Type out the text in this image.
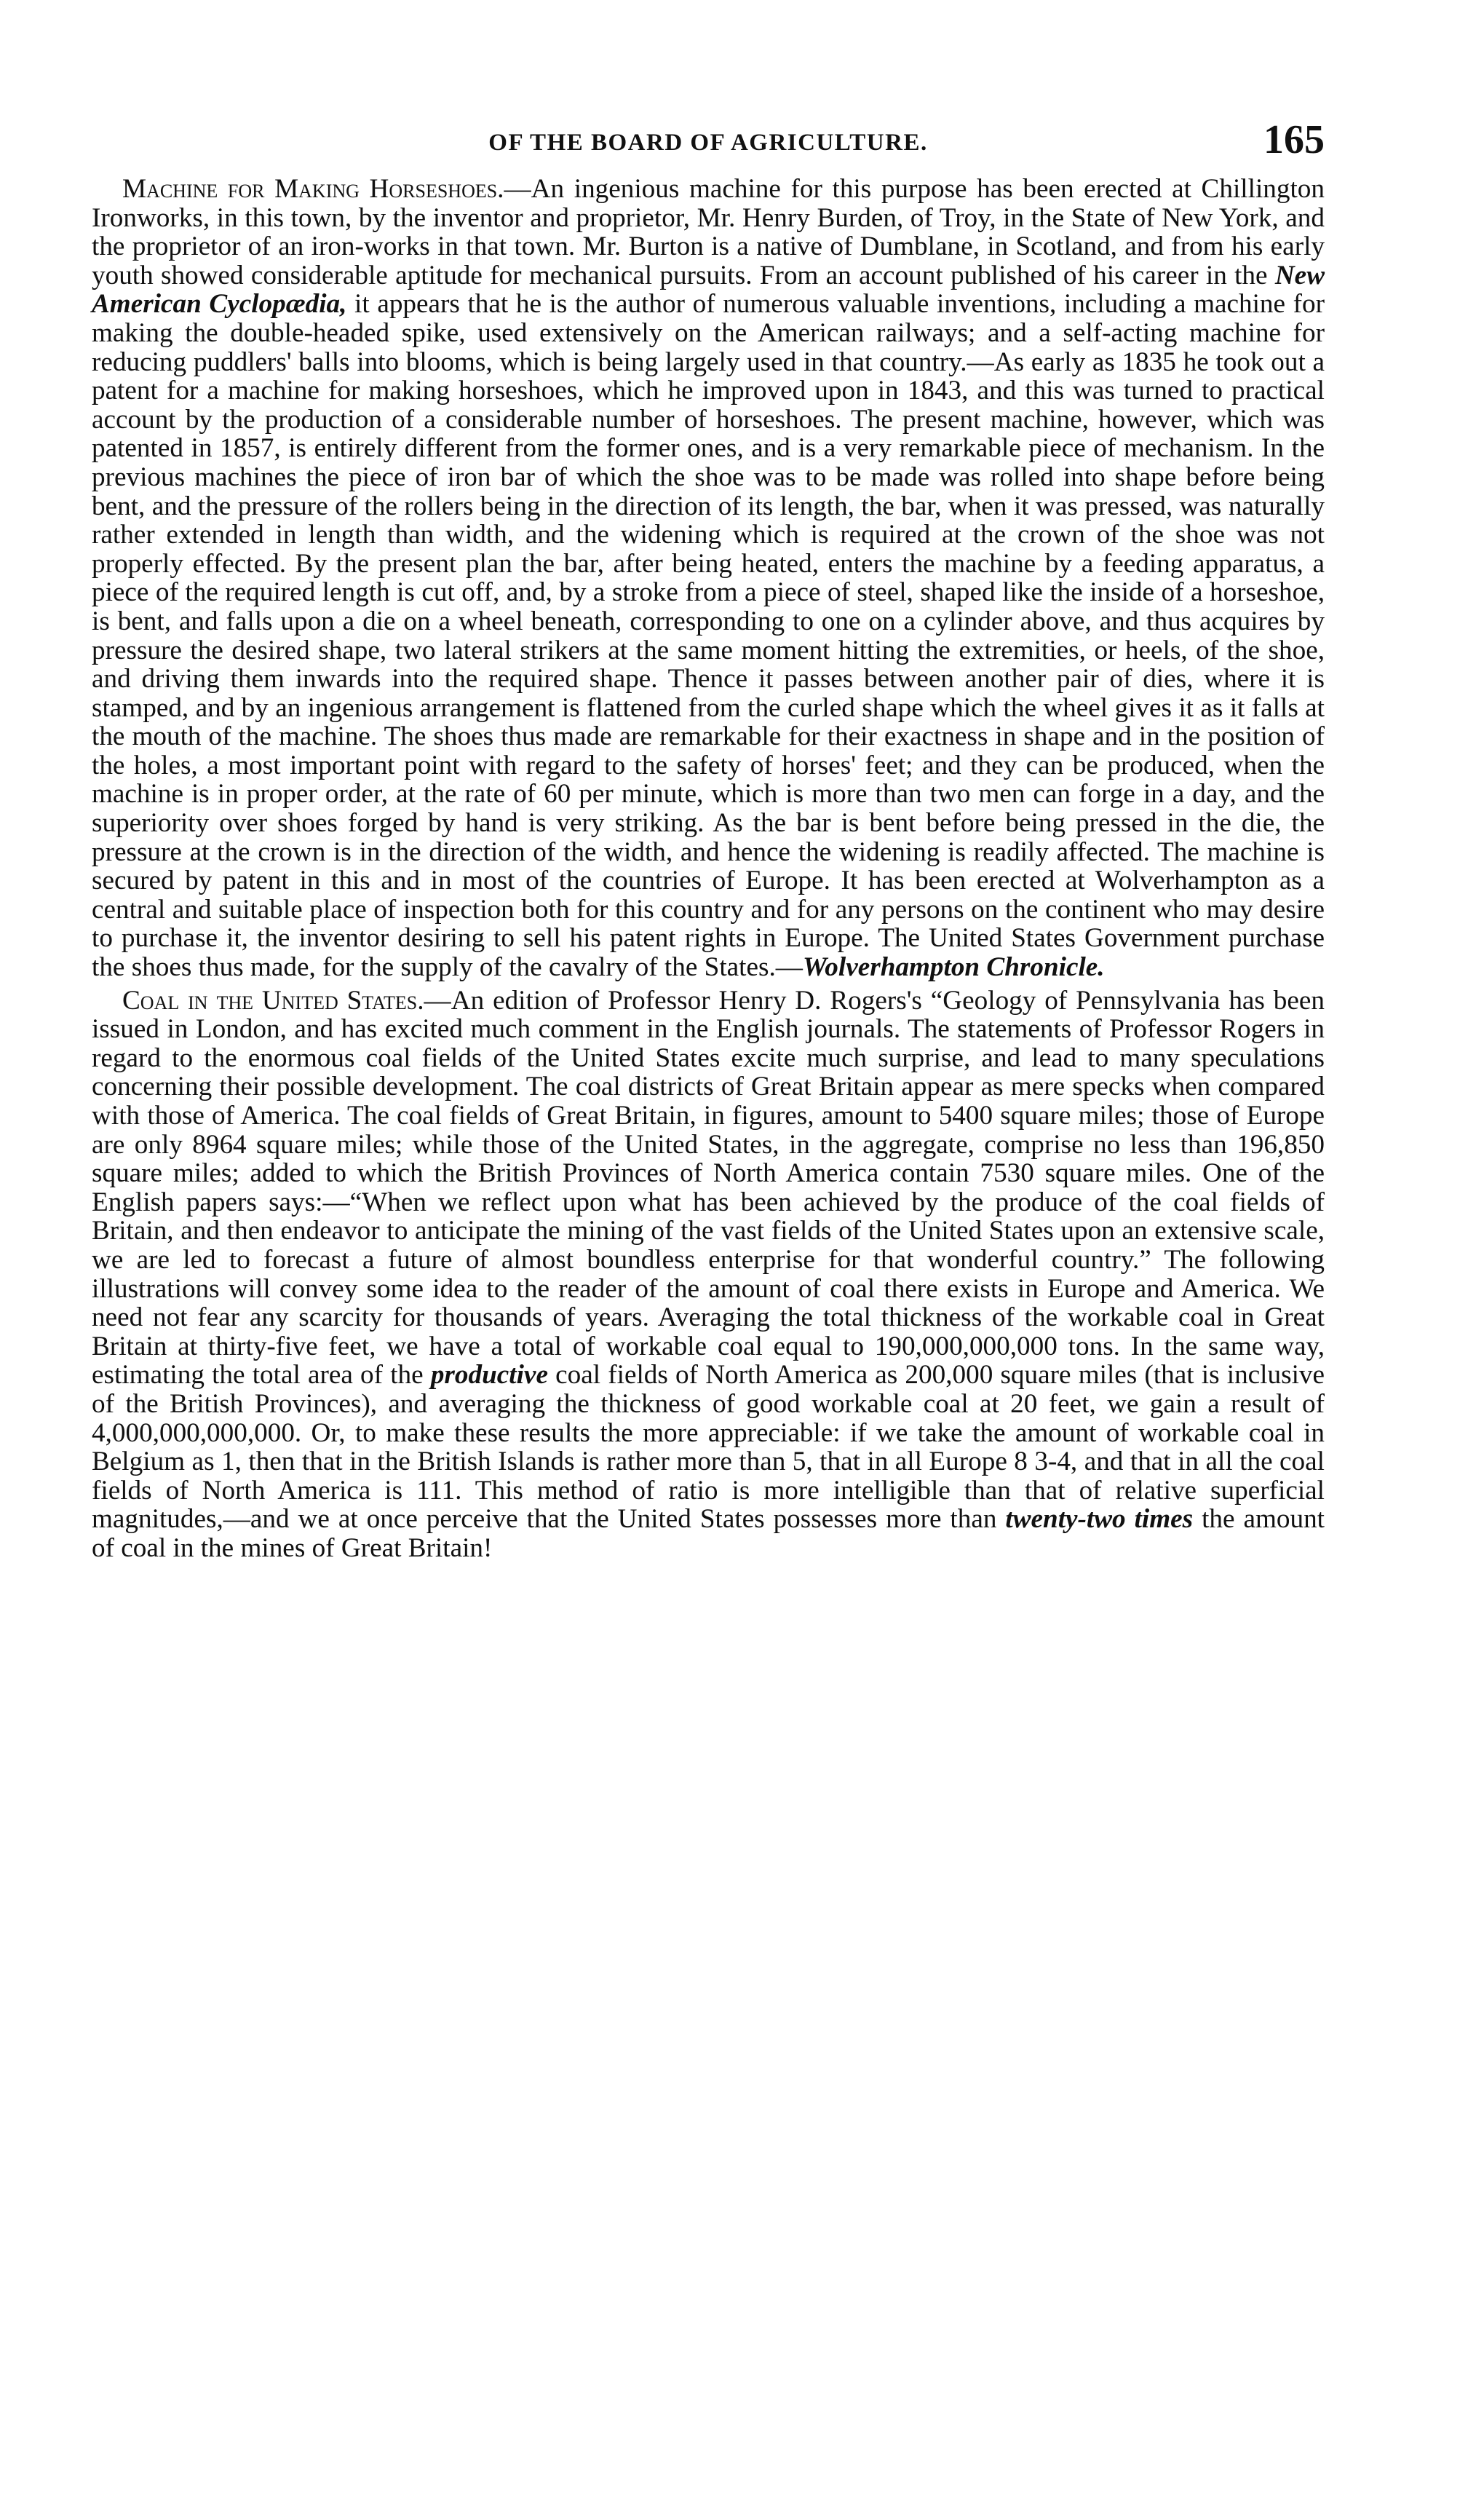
OF THE BOARD OF AGRICULTURE.	165

Machine for Making Horseshoes.—An ingenious machine for this purpose has been erected at Chillington Ironworks, in this town, by the inventor and proprietor, Mr. Henry Burden, of Troy, in the State of New York, and the proprietor of an iron-works in that town. Mr. Burton is a native of Dumblane, in Scotland, and from his early youth showed considerable aptitude for mechanical pursuits. From an account published of his career in the New American Cyclopædia, it appears that he is the author of numerous valuable inventions, including a machine for making the double-headed spike, used extensively on the American railways; and a self-acting machine for reducing puddlers' balls into blooms, which is being largely used in that country.—As early as 1835 he took out a patent for a machine for making horseshoes, which he improved upon in 1843, and this was turned to practical account by the production of a considerable number of horseshoes. The present machine, however, which was patented in 1857, is entirely different from the former ones, and is a very remarkable piece of mechanism. In the previous machines the piece of iron bar of which the shoe was to be made was rolled into shape before being bent, and the pressure of the rollers being in the direction of its length, the bar, when it was pressed, was naturally rather extended in length than width, and the widening which is required at the crown of the shoe was not properly effected. By the present plan the bar, after being heated, enters the machine by a feeding apparatus, a piece of the required length is cut off, and, by a stroke from a piece of steel, shaped like the inside of a horseshoe, is bent, and falls upon a die on a wheel beneath, corresponding to one on a cylinder above, and thus acquires by pressure the desired shape, two lateral strikers at the same moment hitting the extremities, or heels, of the shoe, and driving them inwards into the required shape. Thence it passes between another pair of dies, where it is stamped, and by an ingenious arrangement is flattened from the curled shape which the wheel gives it as it falls at the mouth of the machine. The shoes thus made are remarkable for their exactness in shape and in the position of the holes, a most important point with regard to the safety of horses' feet; and they can be produced, when the machine is in proper order, at the rate of 60 per minute, which is more than two men can forge in a day, and the superiority over shoes forged by hand is very striking. As the bar is bent before being pressed in the die, the pressure at the crown is in the direction of the width, and hence the widening is readily affected. The machine is secured by patent in this and in most of the countries of Europe. It has been erected at Wolverhampton as a central and suitable place of inspection both for this country and for any persons on the continent who may desire to purchase it, the inventor desiring to sell his patent rights in Europe. The United States Government purchase the shoes thus made, for the supply of the cavalry of the States.—Wolverhampton Chronicle.

Coal in the United States.—An edition of Professor Henry D. Rogers's “Geology of Pennsylvania has been issued in London, and has excited much comment in the English journals. The statements of Professor Rogers in regard to the enormous coal fields of the United States excite much surprise, and lead to many speculations concerning their possible development. The coal districts of Great Britain appear as mere specks when compared with those of America. The coal fields of Great Britain, in figures, amount to 5400 square miles; those of Europe are only 8964 square miles; while those of the United States, in the aggregate, comprise no less than 196,850 square miles; added to which the British Provinces of North America contain 7530 square miles. One of the English papers says:—“When we reflect upon what has been achieved by the produce of the coal fields of Britain, and then endeavor to anticipate the mining of the vast fields of the United States upon an extensive scale, we are led to forecast a future of almost boundless enterprise for that wonderful country.” The following illustrations will convey some idea to the reader of the amount of coal there exists in Europe and America. We need not fear any scarcity for thousands of years. Averaging the total thickness of the workable coal in Great Britain at thirty-five feet, we have a total of workable coal equal to 190,000,000,000 tons. In the same way, estimating the total area of the productive coal fields of North America as 200,000 square miles (that is inclusive of the British Provinces), and averaging the thickness of good workable coal at 20 feet, we gain a result of 4,000,000,000,000. Or, to make these results the more appreciable: if we take the amount of workable coal in Belgium as 1, then that in the British Islands is rather more than 5, that in all Europe 8 3-4, and that in all the coal fields of North America is 111. This method of ratio is more intelligible than that of relative superficial magnitudes,—and we at once perceive that the United States possesses more than twenty-two times the amount of coal in the mines of Great Britain!
